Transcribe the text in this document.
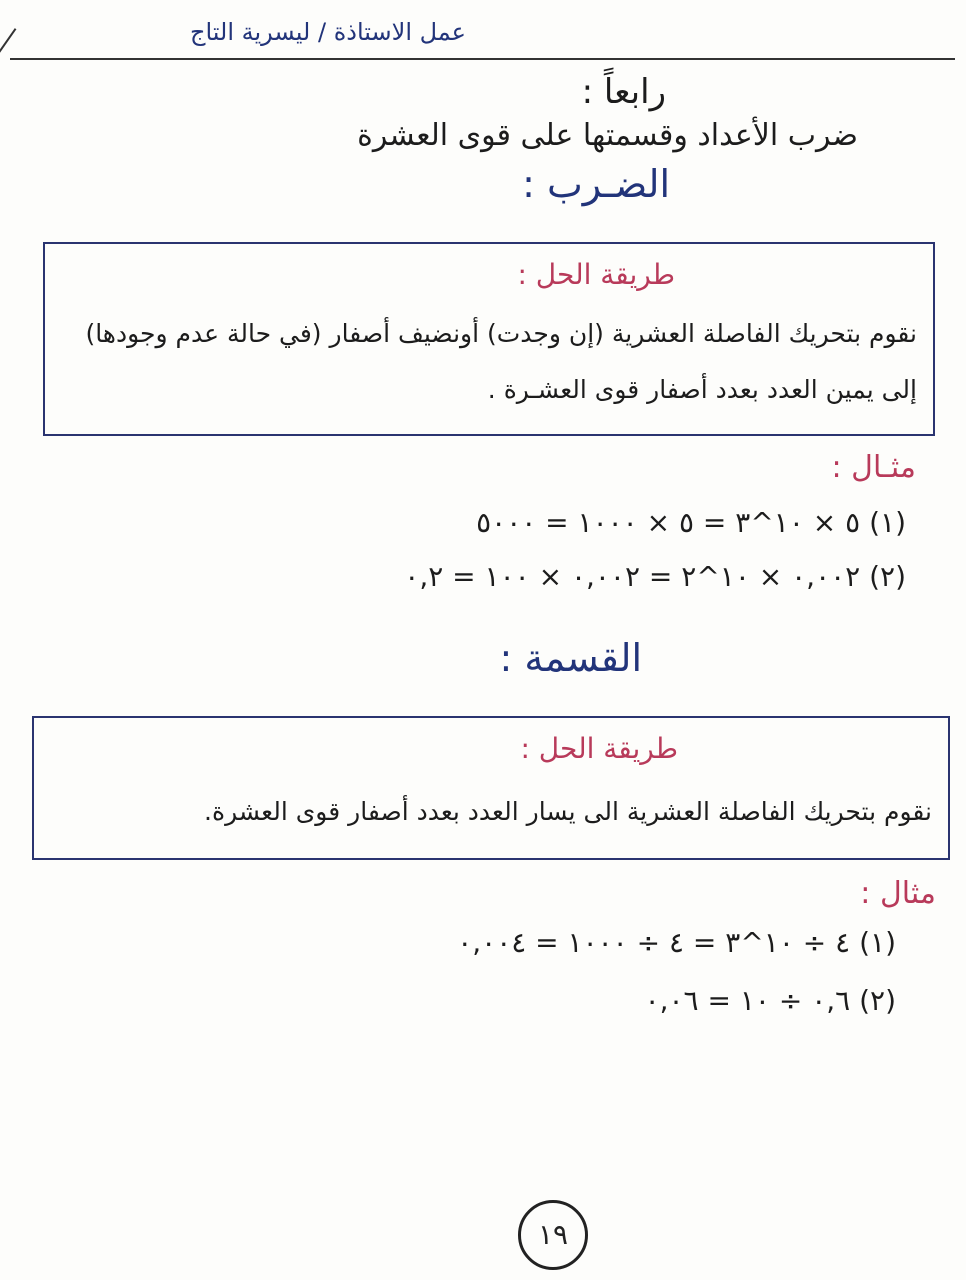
عمل الاستاذة / ليسرية التاج
رابعاً :
ضرب الأعداد وقسمتها على قوى العشرة
الضـرب :
طريقة الحل :
نقوم بتحريك الفاصلة العشرية (إن وجدت) أونضيف أصفار (في حالة عدم وجودها) إلى يمين العدد بعدد أصفار قوى العشـرة .
مثـال :
(١) ٥ × ١٠^٣ = ٥ × ١٠٠٠ = ٥٠٠٠
(٢) ٠,٠٠٢ × ١٠^٢ = ٠,٠٠٢ × ١٠٠ = ٠,٢
القسمة :
طريقة الحل :
نقوم بتحريك الفاصلة العشرية الى يسار العدد بعدد أصفار قوى العشرة.
مثال :
(١) ٤ ÷ ١٠^٣ = ٤ ÷ ١٠٠٠ = ٠,٠٠٤
(٢) ٠,٦ ÷ ١٠ = ٠,٠٦
١٩
